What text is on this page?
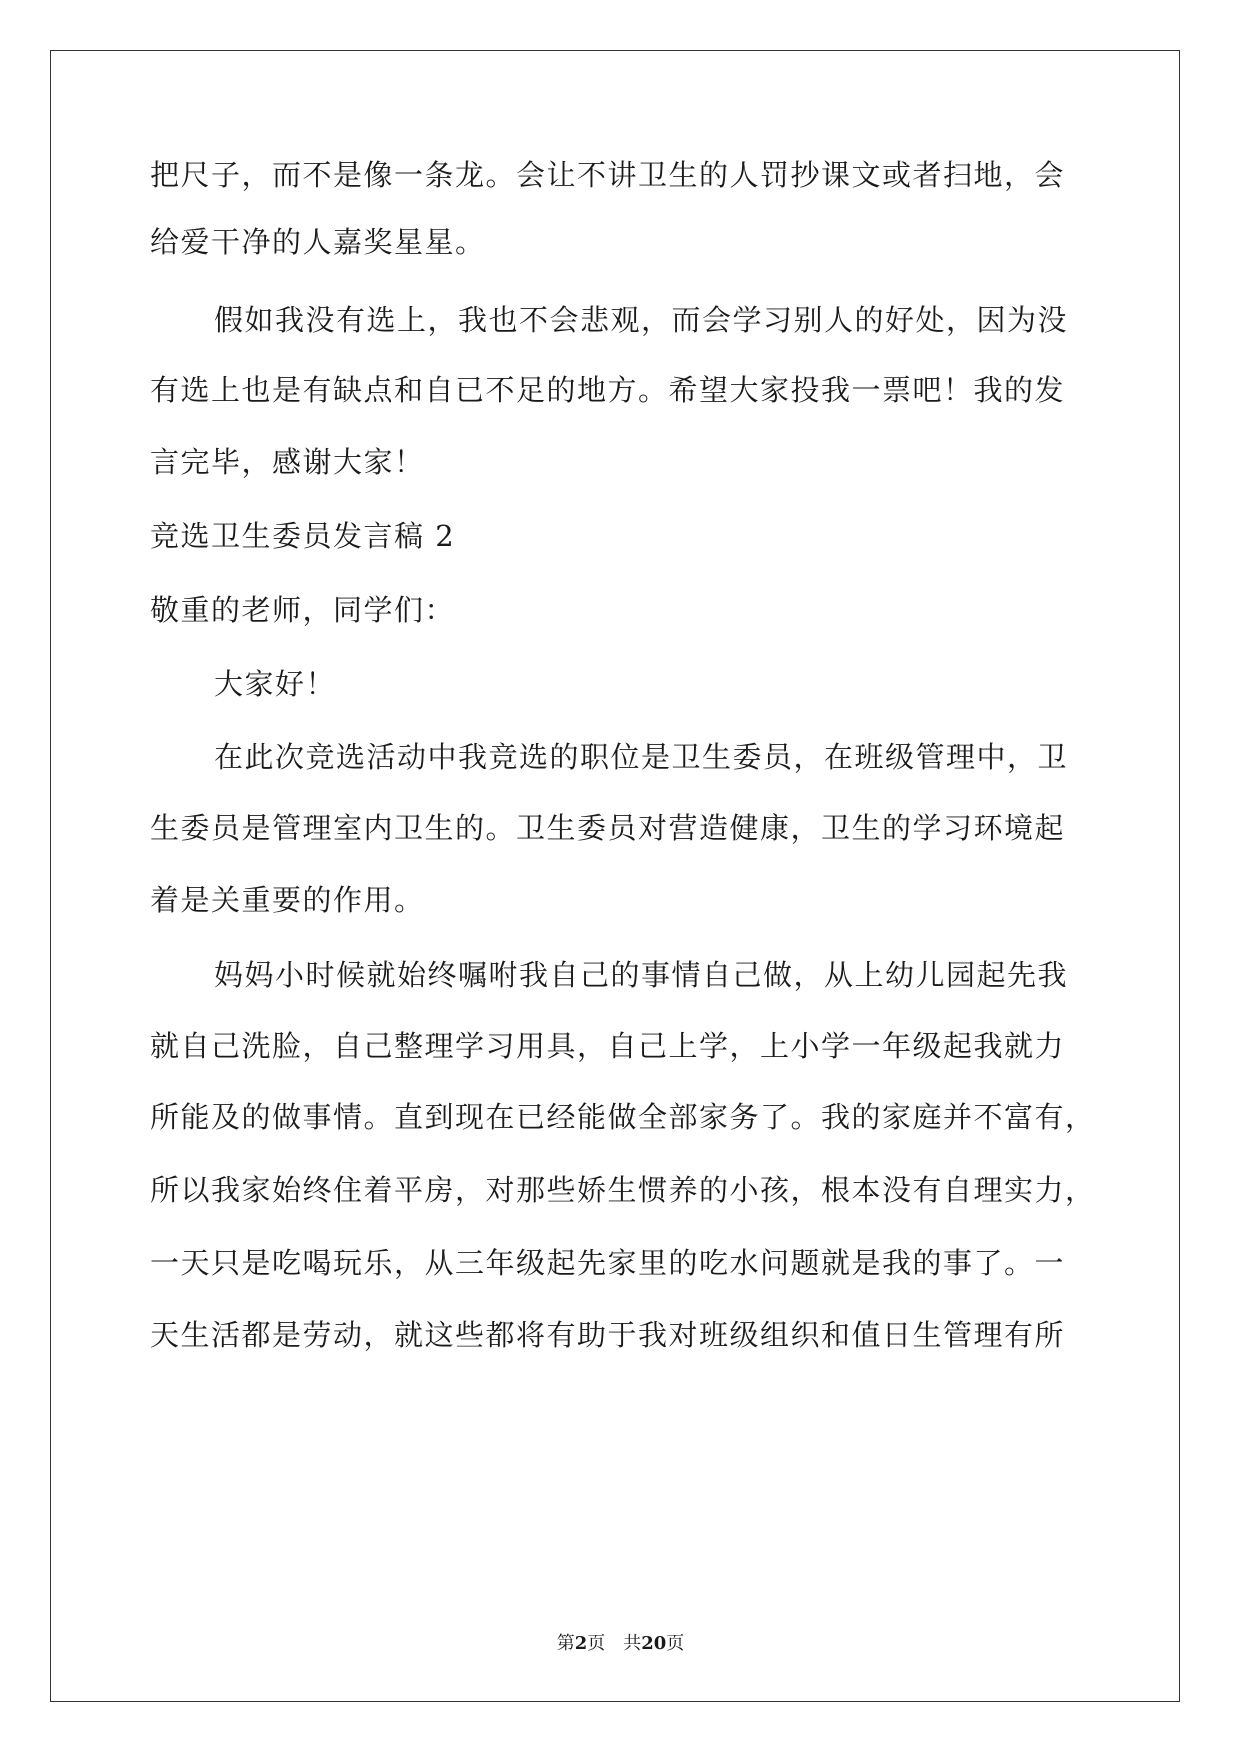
把尺子，而不是像一条龙。会让不讲卫生的人罚抄课文或者扫地，会
给爱干净的人嘉奖星星。
假如我没有选上，我也不会悲观，而会学习别人的好处，因为没
有选上也是有缺点和自已不足的地方。希望大家投我一票吧！我的发
言完毕，感谢大家！
竞选卫生委员发言稿 2
敬重的老师，同学们：
大家好！
在此次竞选活动中我竞选的职位是卫生委员，在班级管理中，卫
生委员是管理室内卫生的。卫生委员对营造健康，卫生的学习环境起
着是关重要的作用。
妈妈小时候就始终嘱咐我自己的事情自己做，从上幼儿园起先我
就自己洗脸，自己整理学习用具，自己上学，上小学一年级起我就力
所能及的做事情。直到现在已经能做全部家务了。我的家庭并不富有，
所以我家始终住着平房，对那些娇生惯养的小孩，根本没有自理实力，
一天只是吃喝玩乐，从三年级起先家里的吃水问题就是我的事了。一
天生活都是劳动，就这些都将有助于我对班级组织和值日生管理有所
第2页　共20页
